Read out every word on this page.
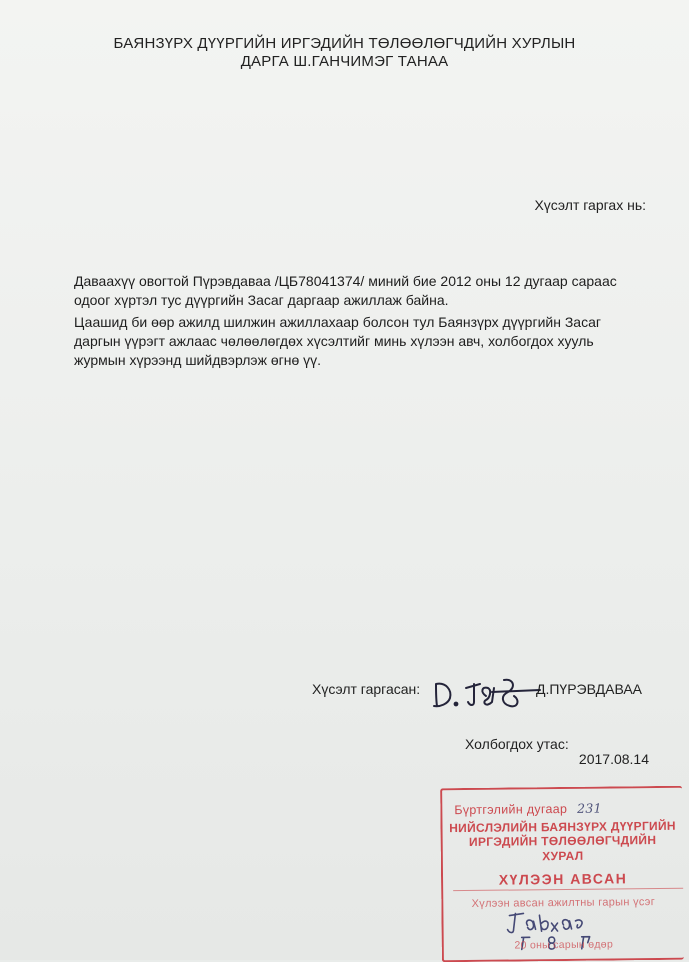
БАЯНЗҮРХ ДҮҮРГИЙН ИРГЭДИЙН ТӨЛӨӨЛӨГЧДИЙН ХУРЛЫН
ДАРГА Ш.ГАНЧИМЭГ ТАНАА
Хүсэлт гаргах нь:

Даваахүү овогтой Пүрэвдаваа /ЦБ78041374/ миний бие 2012 оны 12 дугаар сараас одоог хүртэл тус дүүргийн Засаг даргаар ажиллаж байна.

Цаашид би өөр ажилд шилжин ажиллахаар болсон тул Баянзүрх дүүргийн Засаг даргын үүрэгт ажлаас чөлөөлөгдөх хүсэлтийг минь хүлээн авч, холбогдох хууль журмын хүрээнд шийдвэрлэж өгнө үү.

Хүсэлт гаргасан:	Д.ПҮРЭВДАВАА
Холбогдох утас:
2017.08.14
Бүртгэлийн дугаар 231
НИЙСЛЭЛИЙН БАЯНЗҮРХ ДҮҮРГИЙН
ИРГЭДИЙН ТӨЛӨӨЛӨГЧДИЙН
ХУРАЛ
ХҮЛЭЭН АВСАН
Хүлээн авсан ажилтны гарын үсэг
20 оны сарын өдөр
